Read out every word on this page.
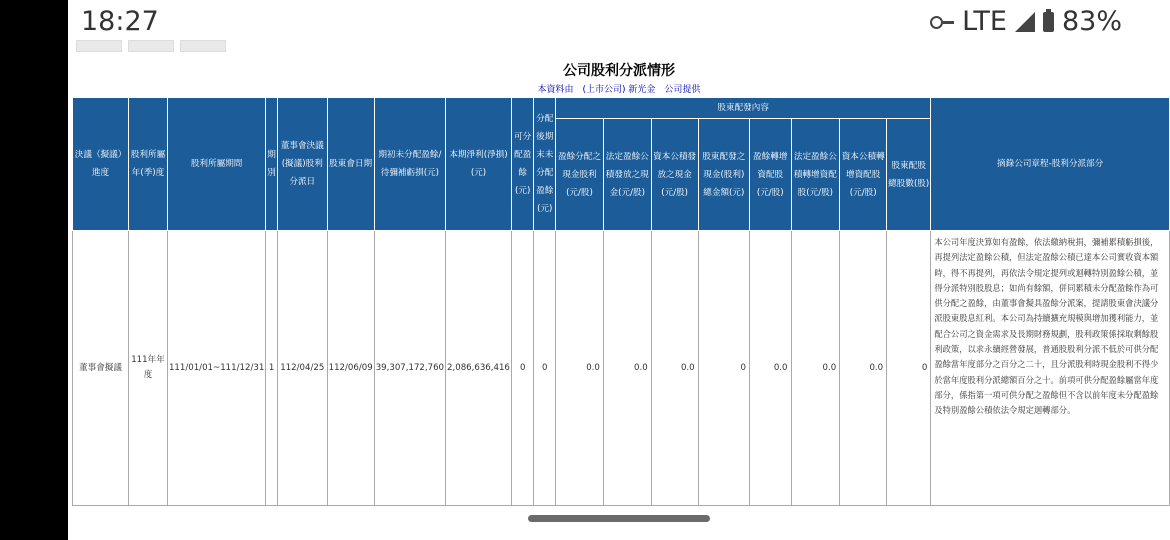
18:27	LTE 83%
公司股利分派情形
本資料由　(上市公司) 新光金　公司提供
決議（擬議）進度	股利所屬年(季)度	股利所屬期間	期別	董事會決議(擬議)股利分派日	股東會日期	期初未分配盈餘/待彌補虧損(元)	本期淨利(淨損)(元)	可分配盈餘(元)	分配後期末未分配盈餘(元)	股東配發內容								摘錄公司章程-股利分派部分
										盈餘分配之現金股利(元/股)	法定盈餘公積發放之現金(元/股)	資本公積發放之現金(元/股)	股東配發之現金(股利)總金額(元)	盈餘轉增資配股(元/股)	法定盈餘公積轉增資配股(元/股)	資本公積轉增資配股(元/股)	股東配股總股數(股)	
董事會擬議	111年年度	111/01/01~111/12/31	1	112/04/25	112/06/09	39,307,172,760	2,086,636,416	0	0	0.0	0.0	0.0	0	0.0	0.0	0.0	0	本公司年度決算如有盈餘，依法繳納稅捐，彌補累積虧損後，再提列法定盈餘公積，但法定盈餘公積已達本公司實收資本額時，得不再提列，再依法令規定提列或迴轉特別盈餘公積，並得分派特別股股息；如尚有餘額，併同累積未分配盈餘作為可供分配之盈餘，由董事會擬具盈餘分派案，提請股東會決議分派股東股息紅利。本公司為持續擴充規模與增加獲利能力，並配合公司之資金需求及長期財務規劃，股利政策係採取剩餘股利政策，以求永續經營發展，普通股股利分派不低於可供分配盈餘當年度部分之百分之二十，且分派股利時現金股利不得少於當年度股利分派總額百分之十。前項可供分配盈餘屬當年度部分，係指第一項可供分配之盈餘但不含以前年度未分配盈餘及特別盈餘公積依法令規定迴轉部分。
